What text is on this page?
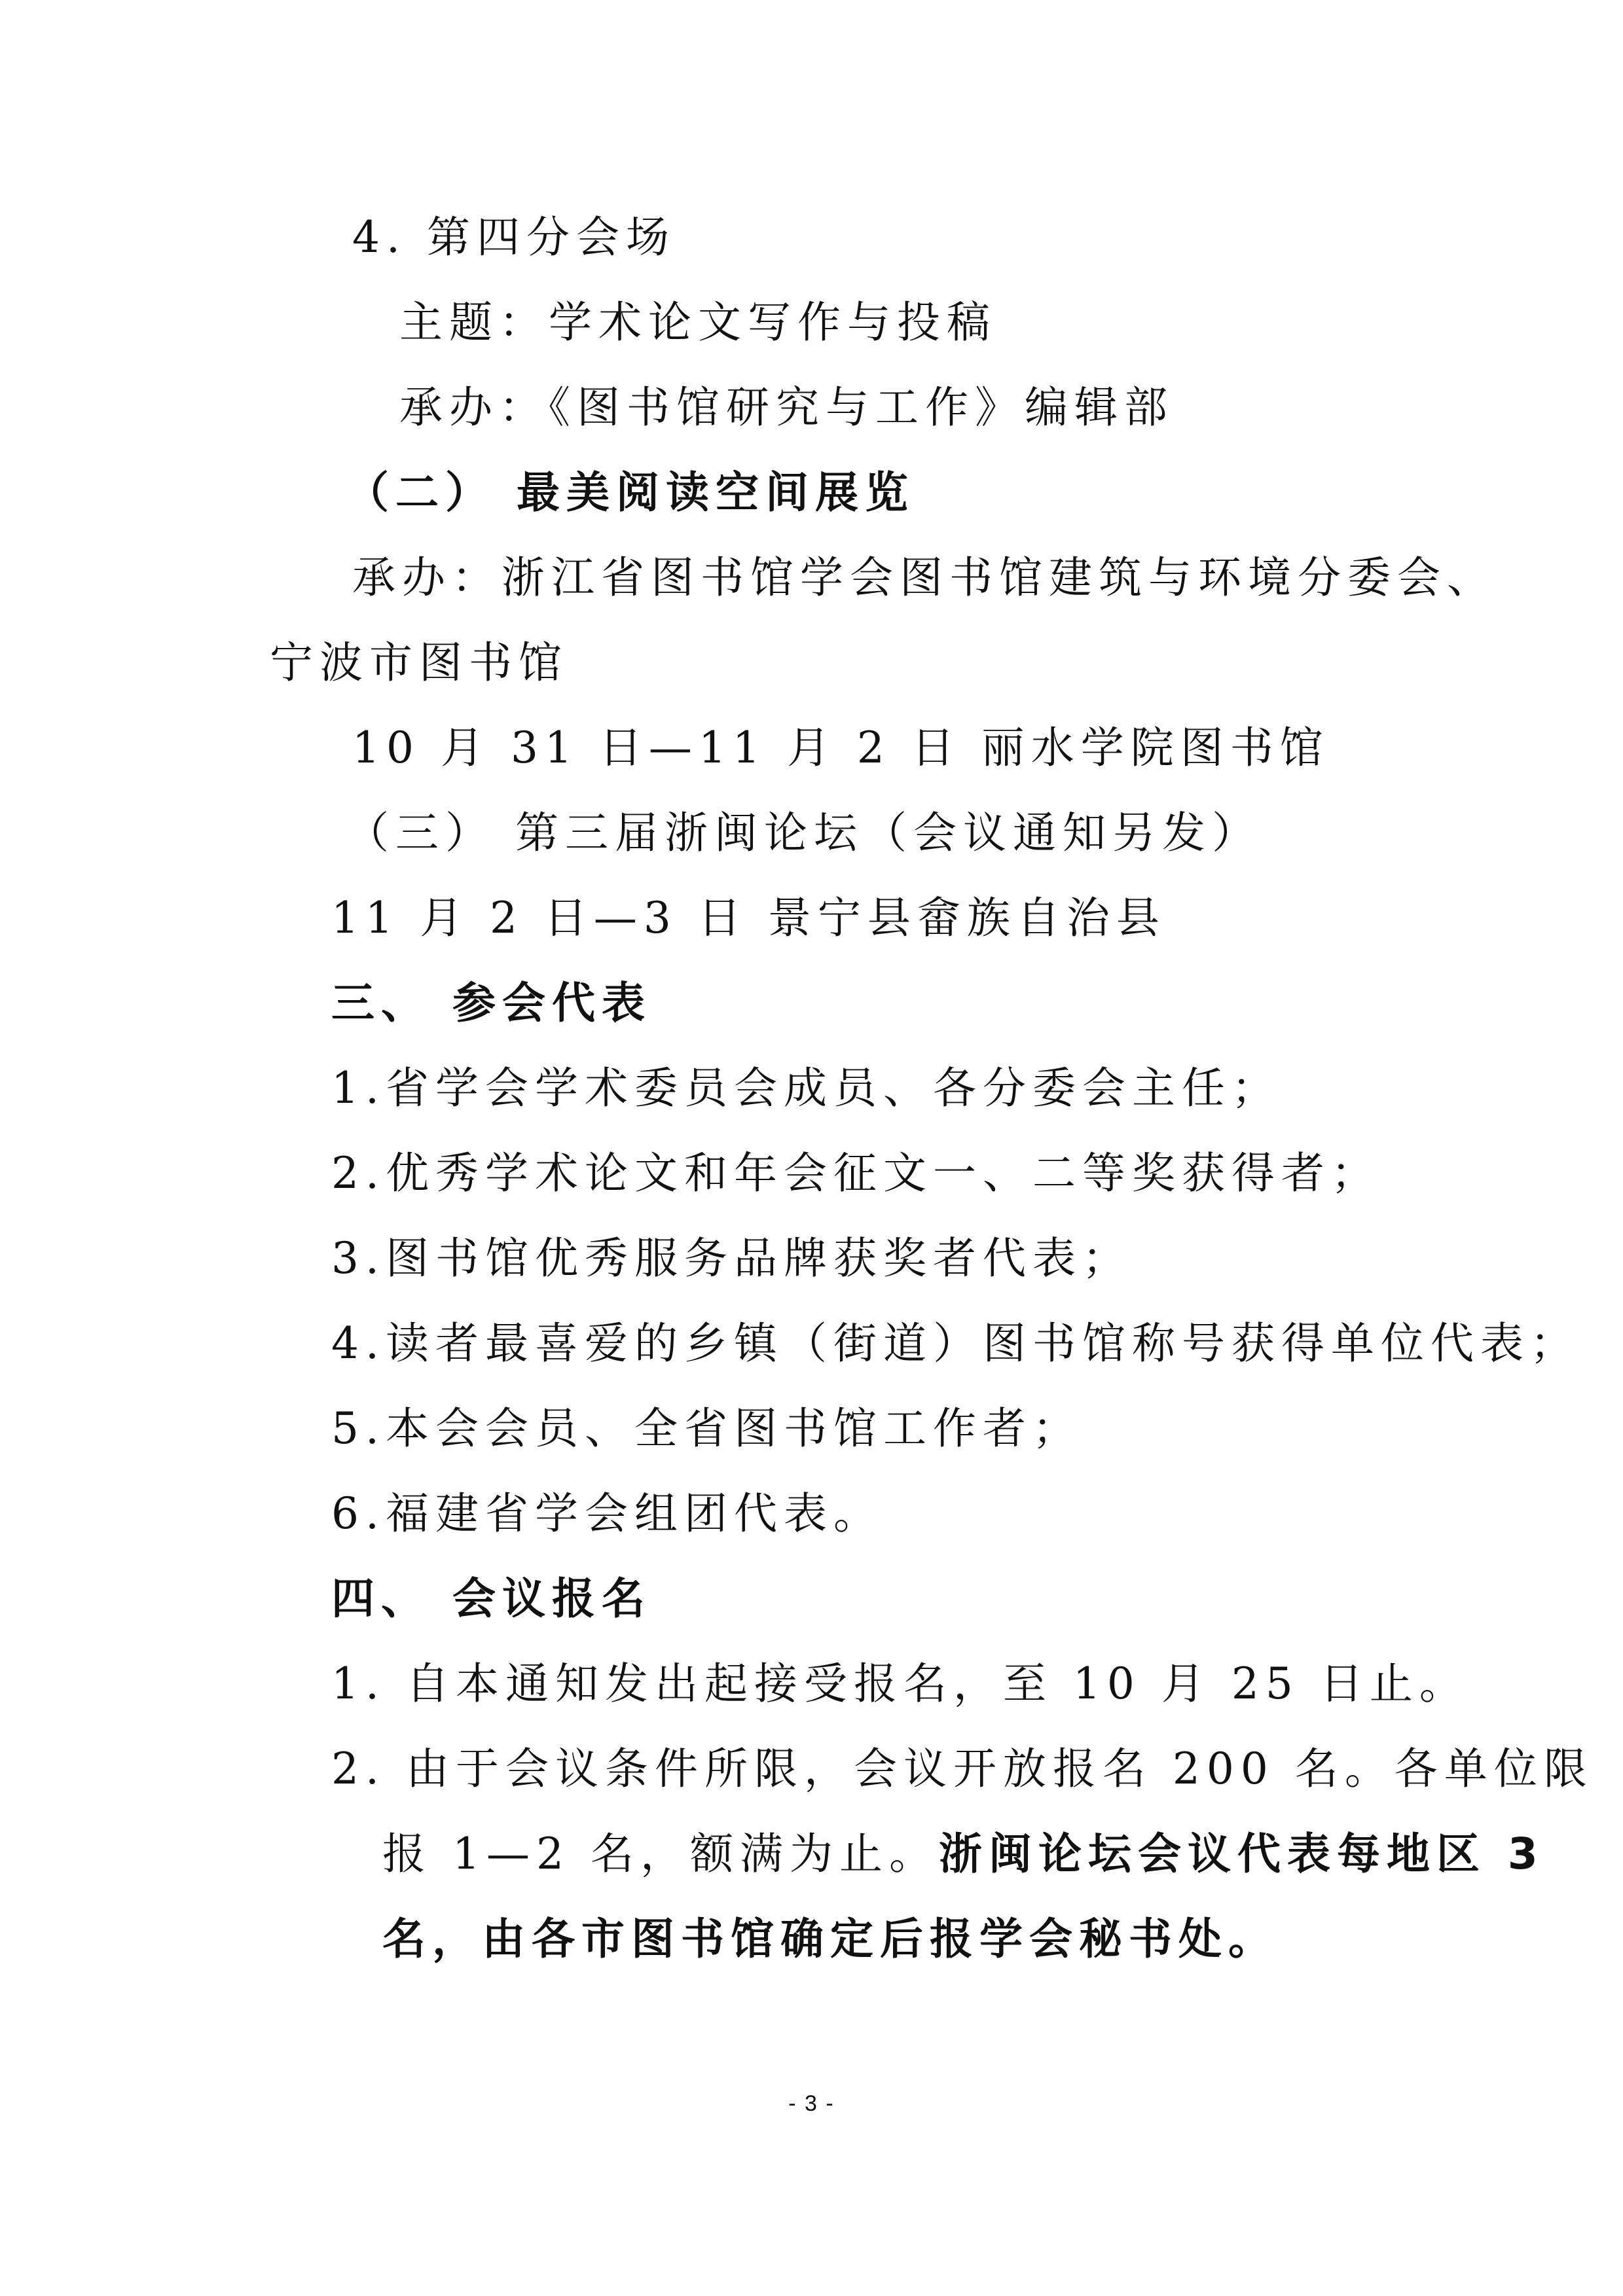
4. 第四分会场

主题：学术论文写作与投稿

承办：《图书馆研究与工作》编辑部

（二） 最美阅读空间展览

承办：浙江省图书馆学会图书馆建筑与环境分委会、

宁波市图书馆

10 月 31 日—11 月 2 日 丽水学院图书馆

（三） 第三届浙闽论坛（会议通知另发）

11 月 2 日—3 日 景宁县畲族自治县

三、 参会代表

1.省学会学术委员会成员、各分委会主任；

2.优秀学术论文和年会征文一、二等奖获得者；

3.图书馆优秀服务品牌获奖者代表；

4.读者最喜爱的乡镇（街道）图书馆称号获得单位代表；

5.本会会员、全省图书馆工作者；

6.福建省学会组团代表。

四、 会议报名

1. 自本通知发出起接受报名，至 10 月 25 日止。

2. 由于会议条件所限，会议开放报名 200 名。各单位限

报 1—2 名，额满为止。浙闽论坛会议代表每地区 3

名，由各市图书馆确定后报学会秘书处。

- 3 -
